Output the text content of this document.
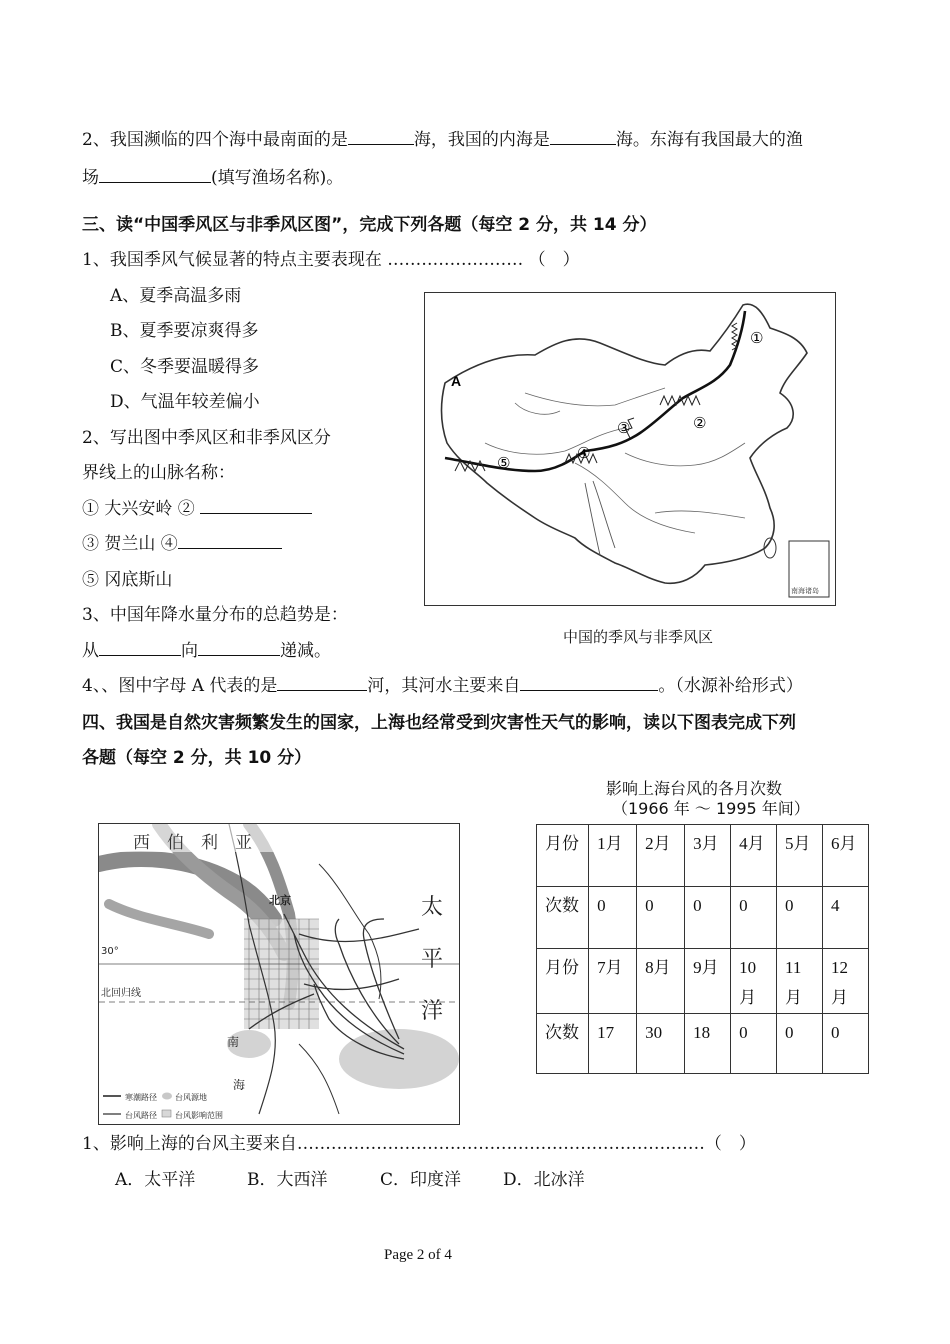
2、我国濒临的四个海中最南面的是	海，我国的内海是	海。东海有我国最大的渔
场	(填写渔场名称)。
三、读“中国季风区与非季风区图”，完成下列各题（每空 2 分，共 14 分）
1、我国季风气候显著的特点主要表现在 …………………… （　）
A、夏季高温多雨
B、夏季要凉爽得多
C、冬季要温暖得多
D、气温年较差偏小
2、写出图中季风区和非季风区分
界线上的山脉名称：
① 大兴安岭 ②
③ 贺兰山 ④
⑤ 冈底斯山
3、中国年降水量分布的总趋势是：
从	向	递减。
4、、图中字母 A 代表的是	河，其河水主要来自	。（水源补给形式）
A
①
②
③
④
⑤
南海诸岛
中国的季风与非季风区
四、我国是自然灾害频繁发生的国家，上海也经常受到灾害性天气的影响，读以下图表完成下列
各题（每空 2 分，共 10 分）
影响上海台风的各月次数
（1966 年 ～ 1995 年间）
西　伯　利　亚
太
平
洋
北京
30°
北回归线
南
海
寒潮路径 台风源地
台风路径 台风影响范围
月份	1月	2月	3月	4月	5月	6月
次数	0	0	0	0	0	4
月份	7月	8月	9月	10月	11月	12月
次数	17	30	18	0	0	0
1、影响上海的台风主要来自………………………………………………………………（　）
A．太平洋	B．大西洋	C．印度洋 D．北冰洋
Page 2 of 4
